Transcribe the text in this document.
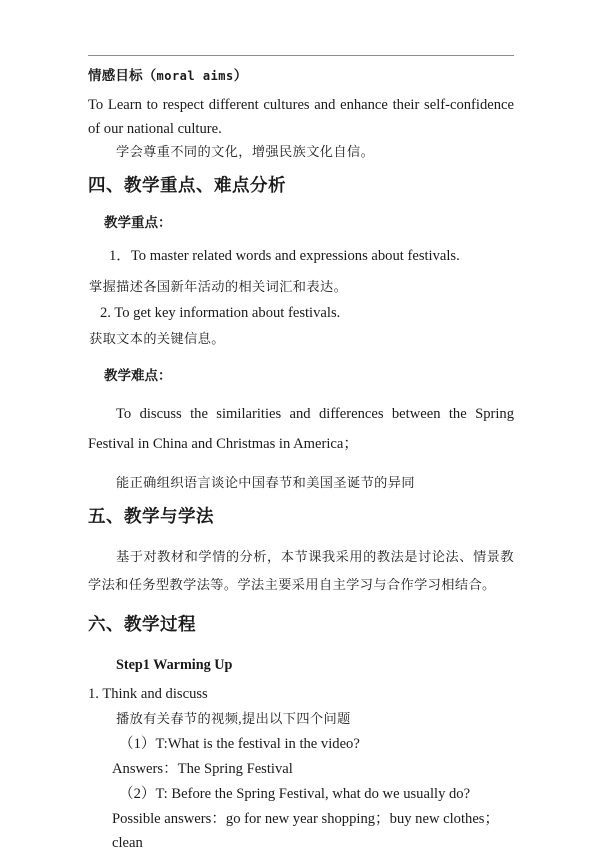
情感目标（moral aims）

To Learn to respect different cultures and enhance their self-confidence of our national culture.

学会尊重不同的文化，增强民族文化自信。

四、教学重点、难点分析

教学重点：

1．To master related words and expressions about festivals.

掌握描述各国新年活动的相关词汇和表达。

2. To get key information about festivals.

获取文本的关键信息。

教学难点：

To discuss the similarities and differences between the Spring Festival in China and Christmas in America；

能正确组织语言谈论中国春节和美国圣诞节的异同

五、教学与学法

基于对教材和学情的分析，本节课我采用的教法是讨论法、情景教学法和任务型教学法等。学法主要采用自主学习与合作学习相结合。

六、教学过程

Step1 Warming Up

1. Think and discuss

播放有关春节的视频,提出以下四个问题

（1）T:What is the festival in the video?

Answers：The Spring Festival

（2）T: Before the Spring Festival, what do we usually do?

Possible answers：go for new year shopping；buy new clothes； clean
